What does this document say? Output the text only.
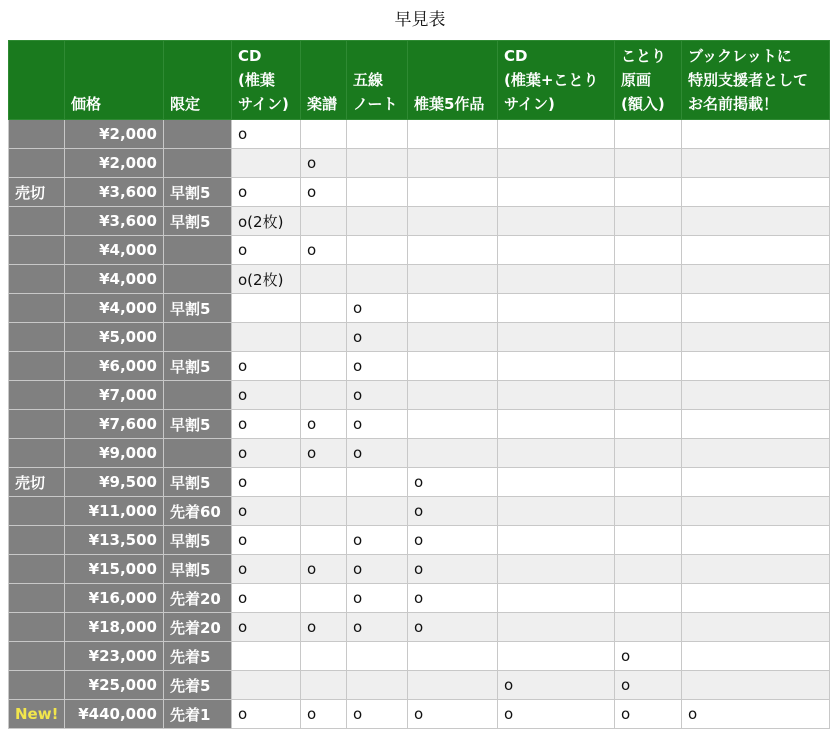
早見表
	価格	限定	CD
(椎葉
サイン)	楽譜	五線
ノート	椎葉5作品	CD
(椎葉+ことり
サイン)	ことり
原画
(額入)	ブックレットに
特別支援者として
お名前掲載！
	¥2,000		o						
	¥2,000			o					
売切	¥3,600	早割5	o	o					
	¥3,600	早割5	o(2枚)						
	¥4,000		o	o					
	¥4,000		o(2枚)						
	¥4,000	早割5			o				
	¥5,000				o				
	¥6,000	早割5	o		o				
	¥7,000		o		o				
	¥7,600	早割5	o	o	o				
	¥9,000		o	o	o				
売切	¥9,500	早割5	o			o			
	¥11,000	先着60	o			o			
	¥13,500	早割5	o		o	o			
	¥15,000	早割5	o	o	o	o			
	¥16,000	先着20	o		o	o			
	¥18,000	先着20	o	o	o	o			
	¥23,000	先着5						o	
	¥25,000	先着5					o	o	
New!	¥440,000	先着1	o	o	o	o	o	o	o
